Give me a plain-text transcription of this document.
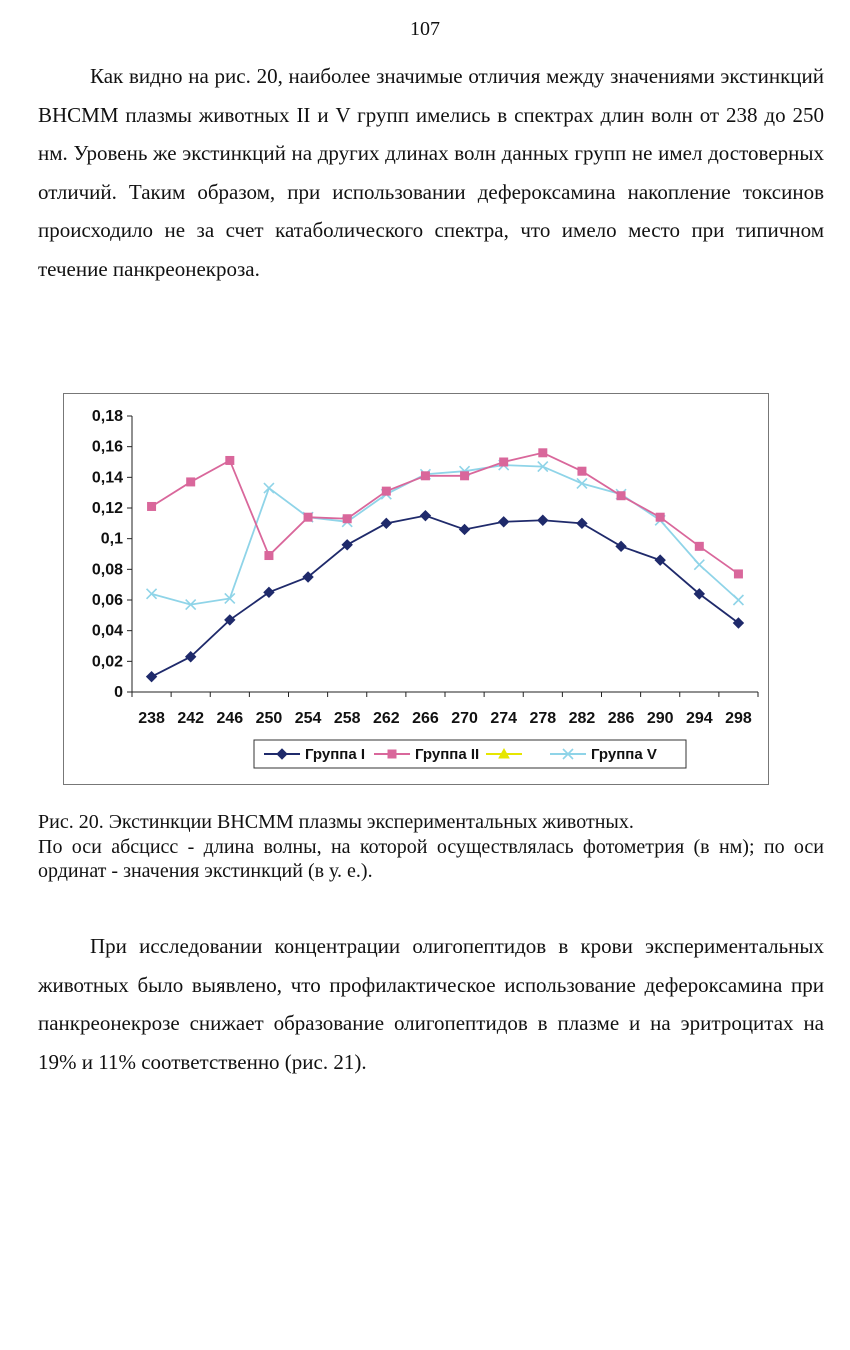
107

Как видно на рис. 20, наиболее значимые отличия между значениями экстинкций ВНСММ плазмы животных II и V групп имелись в спектрах длин волн от 238 до 250 нм. Уровень же экстинкций на других длинах волн данных групп не имел достоверных отличий. Таким образом, при использовании дефероксамина накопление токсинов происходило не за счет катаболического спектра, что имело место при типичном течение панкреонекроза.

0
0,02
0,04
0,06
0,08
0,1
0,12
0,14
0,16
0,18
238 242 246 250 254 258 262 266 270 274 278 282 286 290 294 298
Группа I	Группа II	Группа V

Рис. 20. Экстинкции ВНСММ плазмы экспериментальных животных.

По оси абсцисс - длина волны, на которой осуществлялась фотометрия (в нм); по оси ординат - значения экстинкций (в у. е.).

При исследовании концентрации олигопептидов в крови экспериментальных животных было выявлено, что профилактическое использование дефероксамина при панкреонекрозе снижает образование олигопептидов в плазме и на эритроцитах на 19% и 11% соответственно (рис. 21).
